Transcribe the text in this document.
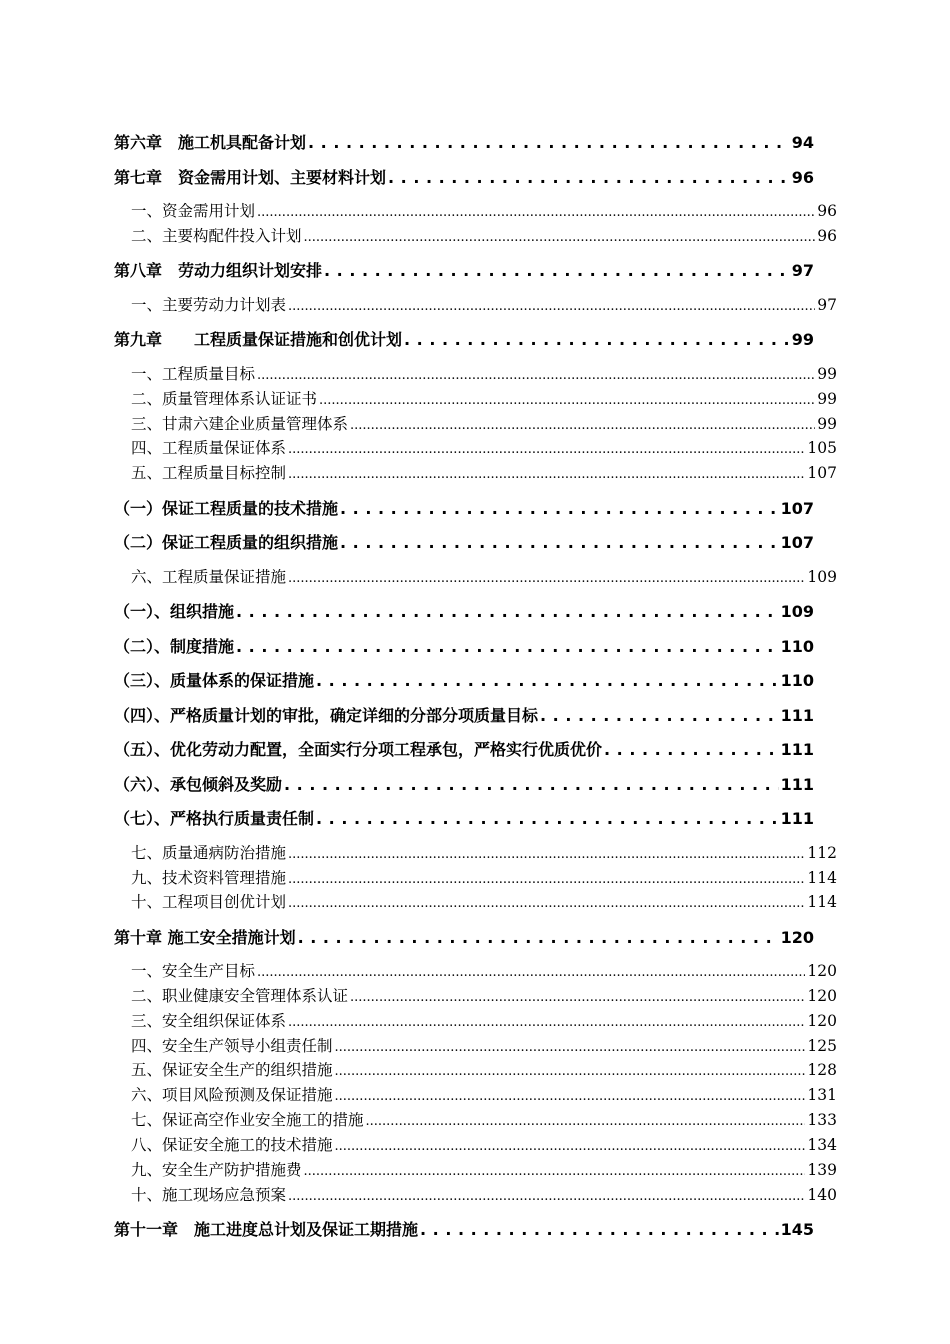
第六章　施工机具配备计划 . . .	94
第七章　资金需用计划、主要材料计划 . . .	96
一、资金需用计划 .....	96
二、主要构配件投入计划 .....	96
第八章　劳动力组织计划安排 . . .	97
一、主要劳动力计划表 .....	97
第九章　　工程质量保证措施和创优计划 . . .	99
一、工程质量目标 .....	99
二、质量管理体系认证证书 .....	99
三、甘肃六建企业质量管理体系 .....	99
四、工程质量保证体系 .....	105
五、工程质量目标控制 .....	107
（一）保证工程质量的技术措施 . . .	107
（二）保证工程质量的组织措施 . . .	107
六、工程质量保证措施 .....	109
（一）、组织措施 . . .	109
（二）、制度措施 . . .	110
（三）、质量体系的保证措施 . . .	110
（四）、严格质量计划的审批，确定详细的分部分项质量目标 . . .	111
（五）、优化劳动力配置，全面实行分项工程承包，严格实行优质优价 . . .	111
（六）、承包倾斜及奖励 . . .	111
（七）、严格执行质量责任制 . . .	111
七、质量通病防治措施 .....	112
九、技术资料管理措施 .....	114
十、工程项目创优计划 .....	114
第十章 施工安全措施计划 . . .	120
一、安全生产目标 .....	120
二、职业健康安全管理体系认证 .....	120
三、安全组织保证体系 .....	120
四、安全生产领导小组责任制 .....	125
五、保证安全生产的组织措施 .....	128
六、项目风险预测及保证措施 .....	131
七、保证高空作业安全施工的措施 .....	133
八、保证安全施工的技术措施 .....	134
九、安全生产防护措施费 .....	139
十、施工现场应急预案 .....	140
第十一章　施工进度总计划及保证工期措施 . . .	145
